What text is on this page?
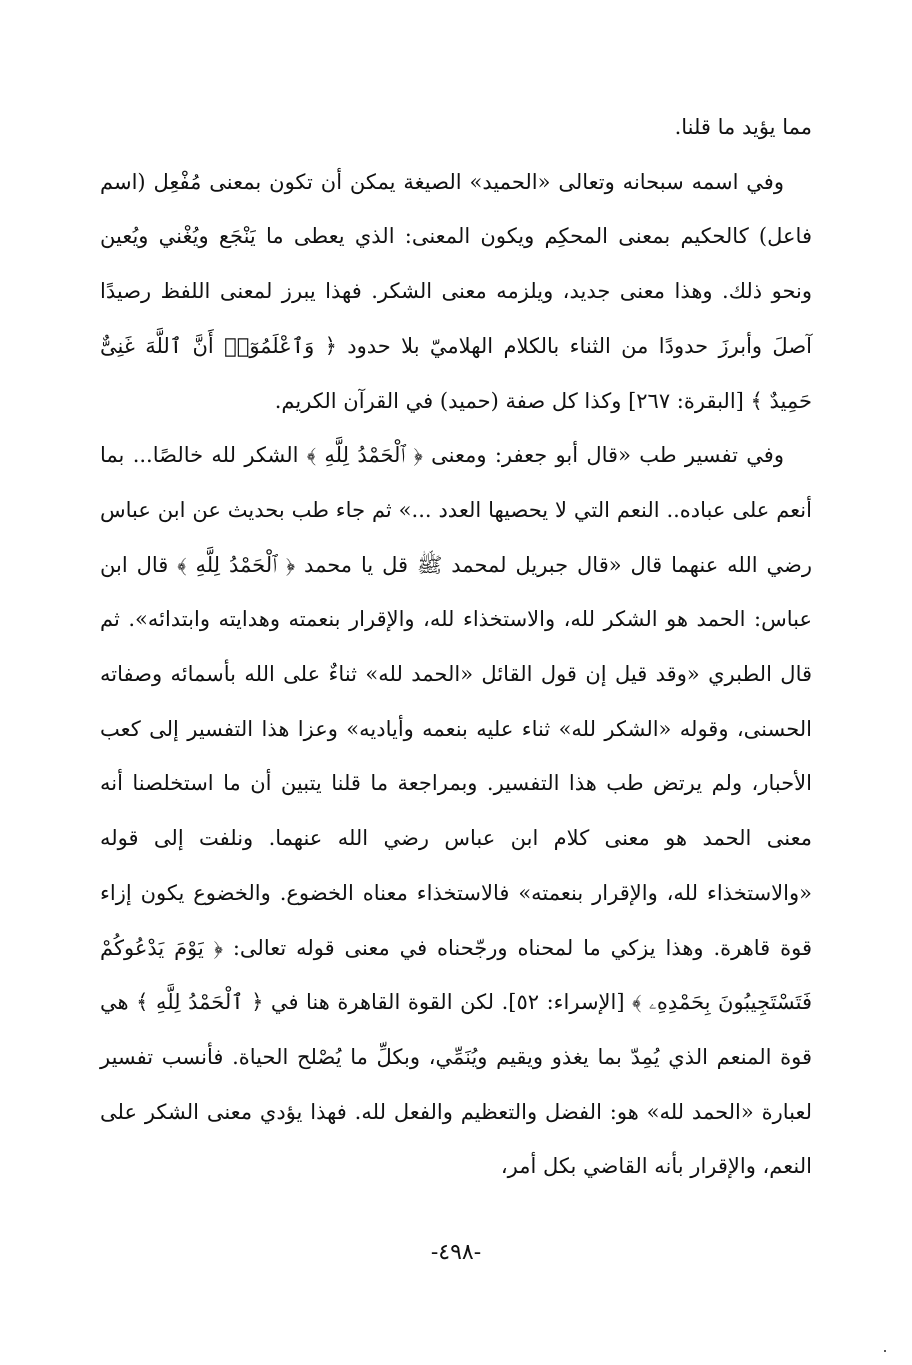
مما يؤيد ما قلنا.

وفي اسمه سبحانه وتعالى «الحميد» الصيغة يمكن أن تكون بمعنى مُفْعِل (اسم فاعل) كالحكيم بمعنى المحكِم ويكون المعنى: الذي يعطى ما يَنْجَع ويُغْني ويُعين ونحو ذلك. وهذا معنى جديد، ويلزمه معنى الشكر. فهذا يبرز لمعنى اللفظ رصيدًا آصلَ وأبرزَ حدودًا من الثناء بالكلام الهلاميّ بلا حدود ﴿ وَٱعْلَمُوٓا۟ أَنَّ ٱللَّهَ غَنِىٌّ حَمِيدٌ ﴾ [البقرة: ٢٦٧] وكذا كل صفة (حميد) في القرآن الكريم.

وفي تفسير طب «قال أبو جعفر: ومعنى ﴿ ٱلْحَمْدُ لِلَّهِ ﴾ الشكر لله خالصًا... بما أنعم على عباده.. النعم التي لا يحصيها العدد ...» ثم جاء طب بحديث عن ابن عباس رضي الله عنهما قال «قال جبريل لمحمد ﷺ قل يا محمد ﴿ ٱلْحَمْدُ لِلَّهِ ﴾ قال ابن عباس: الحمد هو الشكر لله، والاستخذاء لله، والإقرار بنعمته وهدايته وابتدائه». ثم قال الطبري «وقد قيل إن قول القائل «الحمد لله» ثناءٌ على الله بأسمائه وصفاته الحسنى، وقوله «الشكر لله» ثناء عليه بنعمه وأياديه» وعزا هذا التفسير إلى كعب الأحبار، ولم يرتض طب هذا التفسير. وبمراجعة ما قلنا يتبين أن ما استخلصنا أنه معنى الحمد هو معنى كلام ابن عباس رضي الله عنهما. ونلفت إلى قوله «والاستخذاء لله، والإقرار بنعمته» فالاستخذاء معناه الخضوع. والخضوع يكون إزاء قوة قاهرة. وهذا يزكي ما لمحناه ورجّحناه في معنى قوله تعالى: ﴿ يَوْمَ يَدْعُوكُمْ فَتَسْتَجِيبُونَ بِحَمْدِهِۦ ﴾ [الإسراء: ٥٢]. لكن القوة القاهرة هنا في ﴿ ٱلْحَمْدُ لِلَّهِ ﴾ هي قوة المنعم الذي يُمِدّ بما يغذو ويقيم ويُنَمِّي، وبكلِّ ما يُصْلح الحياة. فأنسب تفسير لعبارة «الحمد لله» هو: الفضل والتعظيم والفعل لله. فهذا يؤدي معنى الشكر على النعم، والإقرار بأنه القاضي بكل أمر،

-٤٩٨-
